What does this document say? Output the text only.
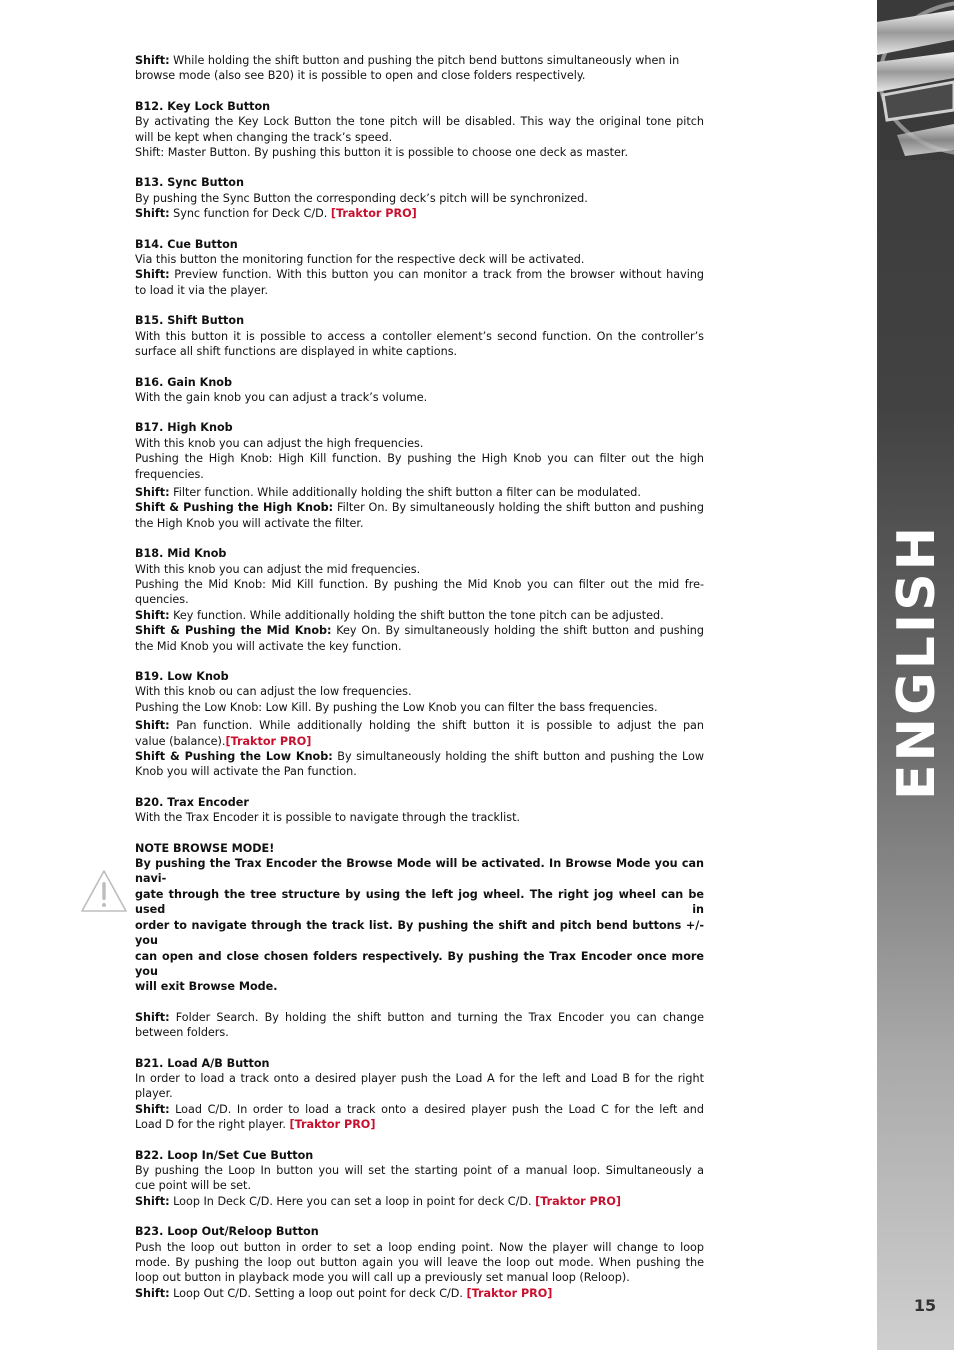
ENGLISH
15
Shift: While holding the shift button and pushing the pitch bend buttons simultaneously when in
browse mode (also see B20) it is possible to open and close folders respectively.
B12. Key Lock Button
By activating the Key Lock Button the tone pitch will be disabled. This way the original tone pitch
will be kept when changing the track’s speed.
Shift: Master Button. By pushing this button it is possible to choose one deck as master.
B13. Sync Button
By pushing the Sync Button the corresponding deck’s pitch will be synchronized.
Shift: Sync function for Deck C/D. [Traktor PRO]
B14. Cue Button
Via this button the monitoring function for the respective deck will be activated.
Shift: Preview function. With this button you can monitor a track from the browser without having
to load it via the player.
B15. Shift Button
With this button it is possible to access a contoller element’s second function. On the controller’s
surface all shift functions are displayed in white captions.
B16. Gain Knob
With the gain knob you can adjust a track’s volume.
B17. High Knob
With this knob you can adjust the high frequencies.
Pushing the High Knob: High Kill function. By pushing the High Knob you can filter out the high
frequencies.
Shift: Filter function. While additionally holding the shift button a filter can be modulated.
Shift & Pushing the High Knob: Filter On. By simultaneously holding the shift button and pushing
the High Knob you will activate the filter.
B18. Mid Knob
With this knob you can adjust the mid frequencies.
Pushing the Mid Knob: Mid Kill function. By pushing the Mid Knob you can filter out the mid fre-
quencies.
Shift: Key function. While additionally holding the shift button the tone pitch can be adjusted.
Shift & Pushing the Mid Knob: Key On. By simultaneously holding the shift button and pushing
the Mid Knob you will activate the key function.
B19. Low Knob
With this knob ou can adjust the low frequencies.
Pushing the Low Knob: Low Kill. By pushing the Low Knob you can filter the bass frequencies.
Shift: Pan function. While additionally holding the shift button it is possible to adjust the pan
value (balance).[Traktor PRO]
Shift & Pushing the Low Knob: By simultaneously holding the shift button and pushing the Low
Knob you will activate the Pan function.
B20. Trax Encoder
With the Trax Encoder it is possible to navigate through the tracklist.
NOTE BROWSE MODE!
By pushing the Trax Encoder the Browse Mode will be activated. In Browse Mode you can navi-
gate through the tree structure by using the left jog wheel. The right jog wheel can be used in
order to navigate through the track list. By pushing the shift and pitch bend buttons +/- you
can open and close chosen folders respectively. By pushing the Trax Encoder once more you
will exit Browse Mode.
Shift: Folder Search. By holding the shift button and turning the Trax Encoder you can change
between folders.
B21. Load A/B Button
In order to load a track onto a desired player push the Load A for the left and Load B for the right
player.
Shift: Load C/D. In order to load a track onto a desired player push the Load C for the left and
Load D for the right player. [Traktor PRO]
B22. Loop In/Set Cue Button
By pushing the Loop In button you will set the starting point of a manual loop. Simultaneously a
cue point will be set.
Shift: Loop In Deck C/D. Here you can set a loop in point for deck C/D. [Traktor PRO]
B23. Loop Out/Reloop Button
Push the loop out button in order to set a loop ending point. Now the player will change to loop
mode. By pushing the loop out button again you will leave the loop out mode. When pushing the
loop out button in playback mode you will call up a previously set manual loop (Reloop).
Shift: Loop Out C/D. Setting a loop out point for deck C/D. [Traktor PRO]
